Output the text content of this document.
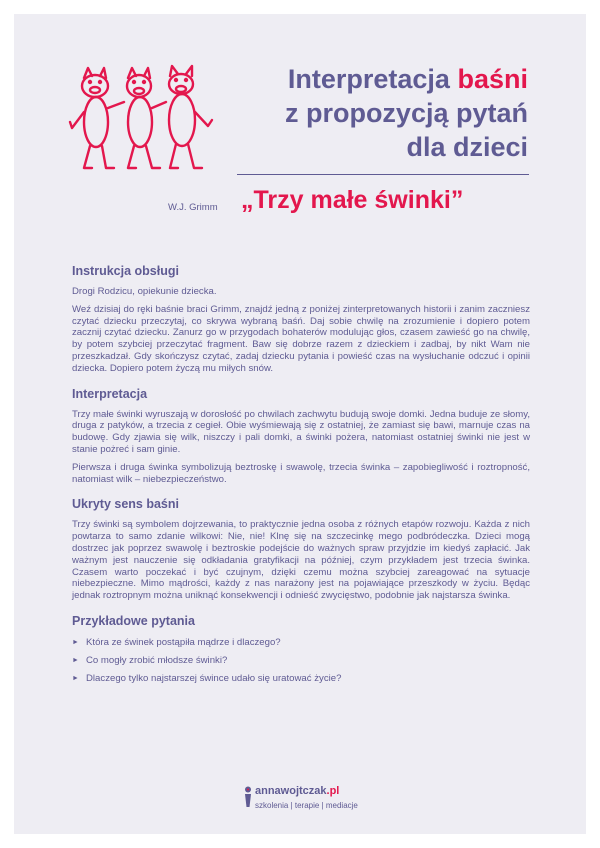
Interpretacja baśni
z propozycją pytań
dla dzieci
W.J. Grimm „Trzy małe świnki”
Instrukcja obsługi

Drogi Rodzicu, opiekunie dziecka.

Weź dzisiaj do ręki baśnie braci Grimm, znajdź jedną z poniżej zinterpretowanych historii i zanim zaczniesz czytać dziecku przeczytaj, co skrywa wybraną baśń. Daj sobie chwilę na zrozumienie i dopiero potem zacznij czytać dziecku. Zanurz go w przygodach bohaterów modulując głos, czasem zawieść go na chwilę, by potem szybciej przeczytać fragment. Baw się dobrze razem z dzieckiem i zadbaj, by nikt Wam nie przeszkadzał. Gdy skończysz czytać, zadaj dziecku pytania i powieść czas na wysłuchanie odczuć i opinii dziecka. Dopiero potem życzą mu miłych snów.

Interpretacja

Trzy małe świnki wyruszają w dorosłość po chwilach zachwytu budują swoje domki. Jedna buduje ze słomy, druga z patyków, a trzecia z cegieł. Obie wyśmiewają się z ostatniej, że zamiast się bawi, marnuje czas na budowę. Gdy zjawia się wilk, niszczy i pali domki, a świnki pożera, natomiast ostatniej świnki nie jest w stanie pożreć i sam ginie.

Pierwsza i druga świnka symbolizują beztroskę i swawolę, trzecia świnka – zapobiegliwość i roztropność, natomiast wilk – niebezpieczeństwo.

Ukryty sens baśni

Trzy świnki są symbolem dojrzewania, to praktycznie jedna osoba z różnych etapów rozwoju. Każda z nich powtarza to samo zdanie wilkowi: Nie, nie! Klnę się na szczecinkę mego podbródeczka. Dzieci mogą dostrzec jak poprzez swawolę i beztroskie podejście do ważnych spraw przyjdzie im kiedyś zapłacić. Jak ważnym jest nauczenie się odkładania gratyfikacji na później, czym przykładem jest trzecia świnka. Czasem warto poczekać i być czujnym, dzięki czemu można szybciej zareagować na sytuacje niebezpieczne. Mimo mądrości, każdy z nas narażony jest na pojawiające przeszkody w życiu. Będąc jednak roztropnym można uniknąć konsekwencji i odnieść zwycięstwo, podobnie jak najstarsza świnka.

Przykładowe pytania
► Która ze świnek postąpiła mądrze i dlaczego?
► Co mogły zrobić młodsze świnki?
► Dlaczego tylko najstarszej śwince udało się uratować życie?
annawojtczak.pl
szkolenia | terapie | mediacje
